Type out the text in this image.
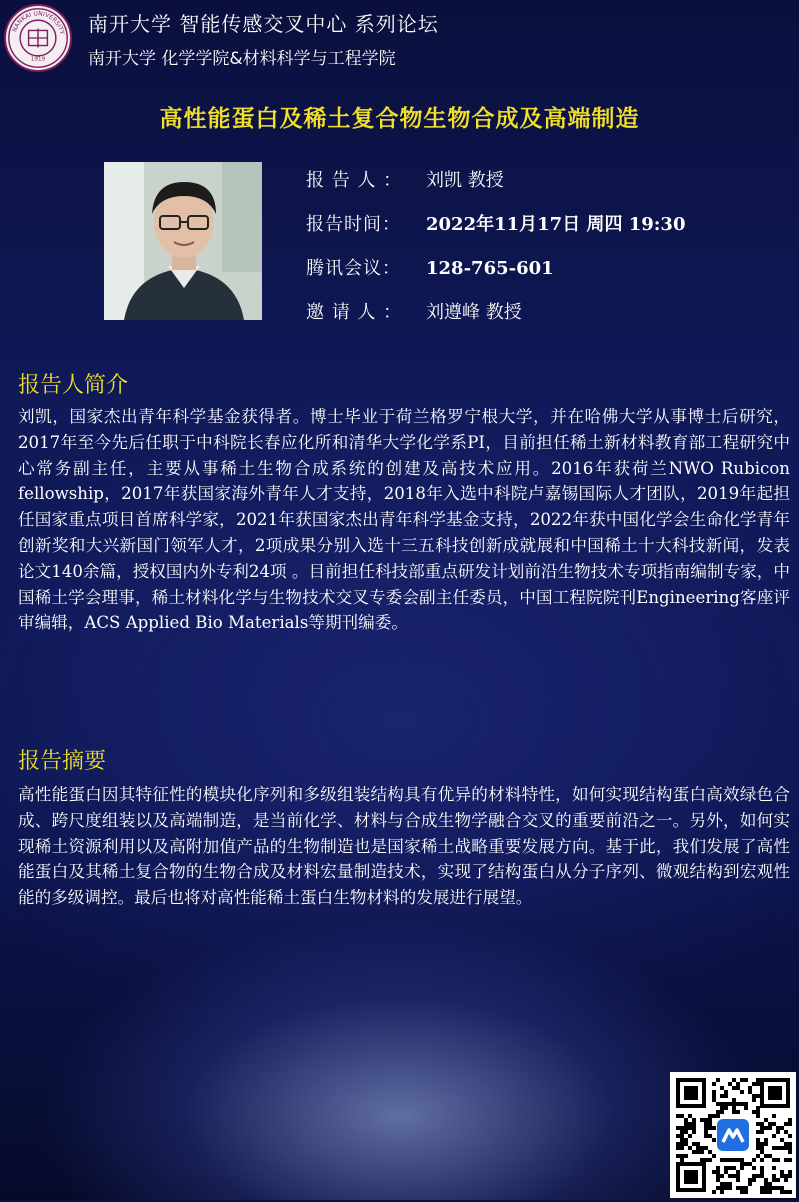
NANKAI UNIVERSITY
1919
南开大学 智能传感交叉中心 系列论坛
南开大学 化学学院&材料科学与工程学院
高性能蛋白及稀土复合物生物合成及高端制造
报 告 人 ： 刘凯 教授
报告时间： 2022年11月17日 周四 19:30
腾讯会议： 128-765-601
邀 请 人 ： 刘遵峰 教授
报告人简介
刘凯，国家杰出青年科学基金获得者。博士毕业于荷兰格罗宁根大学，并在哈佛大学从事博士后研究，2017年至今先后任职于中科院长春应化所和清华大学化学系PI，目前担任稀土新材料教育部工程研究中心常务副主任，主要从事稀土生物合成系统的创建及高技术应用。2016年获荷兰NWO Rubicon fellowship，2017年获国家海外青年人才支持，2018年入选中科院卢嘉锡国际人才团队，2019年起担任国家重点项目首席科学家，2021年获国家杰出青年科学基金支持，2022年获中国化学会生命化学青年创新奖和大兴新国门领军人才，2项成果分别入选十三五科技创新成就展和中国稀土十大科技新闻，发表论文140余篇，授权国内外专利24项 。目前担任科技部重点研发计划前沿生物技术专项指南编制专家，中国稀土学会理事，稀土材料化学与生物技术交叉专委会副主任委员，中国工程院院刊Engineering客座评审编辑，ACS Applied Bio Materials等期刊编委。
报告摘要
高性能蛋白因其特征性的模块化序列和多级组装结构具有优异的材料特性，如何实现结构蛋白高效绿色合成、跨尺度组装以及高端制造，是当前化学、材料与合成生物学融合交叉的重要前沿之一。另外，如何实现稀土资源利用以及高附加值产品的生物制造也是国家稀土战略重要发展方向。基于此，我们发展了高性能蛋白及其稀土复合物的生物合成及材料宏量制造技术，实现了结构蛋白从分子序列、微观结构到宏观性能的多级调控。最后也将对高性能稀土蛋白生物材料的发展进行展望。
